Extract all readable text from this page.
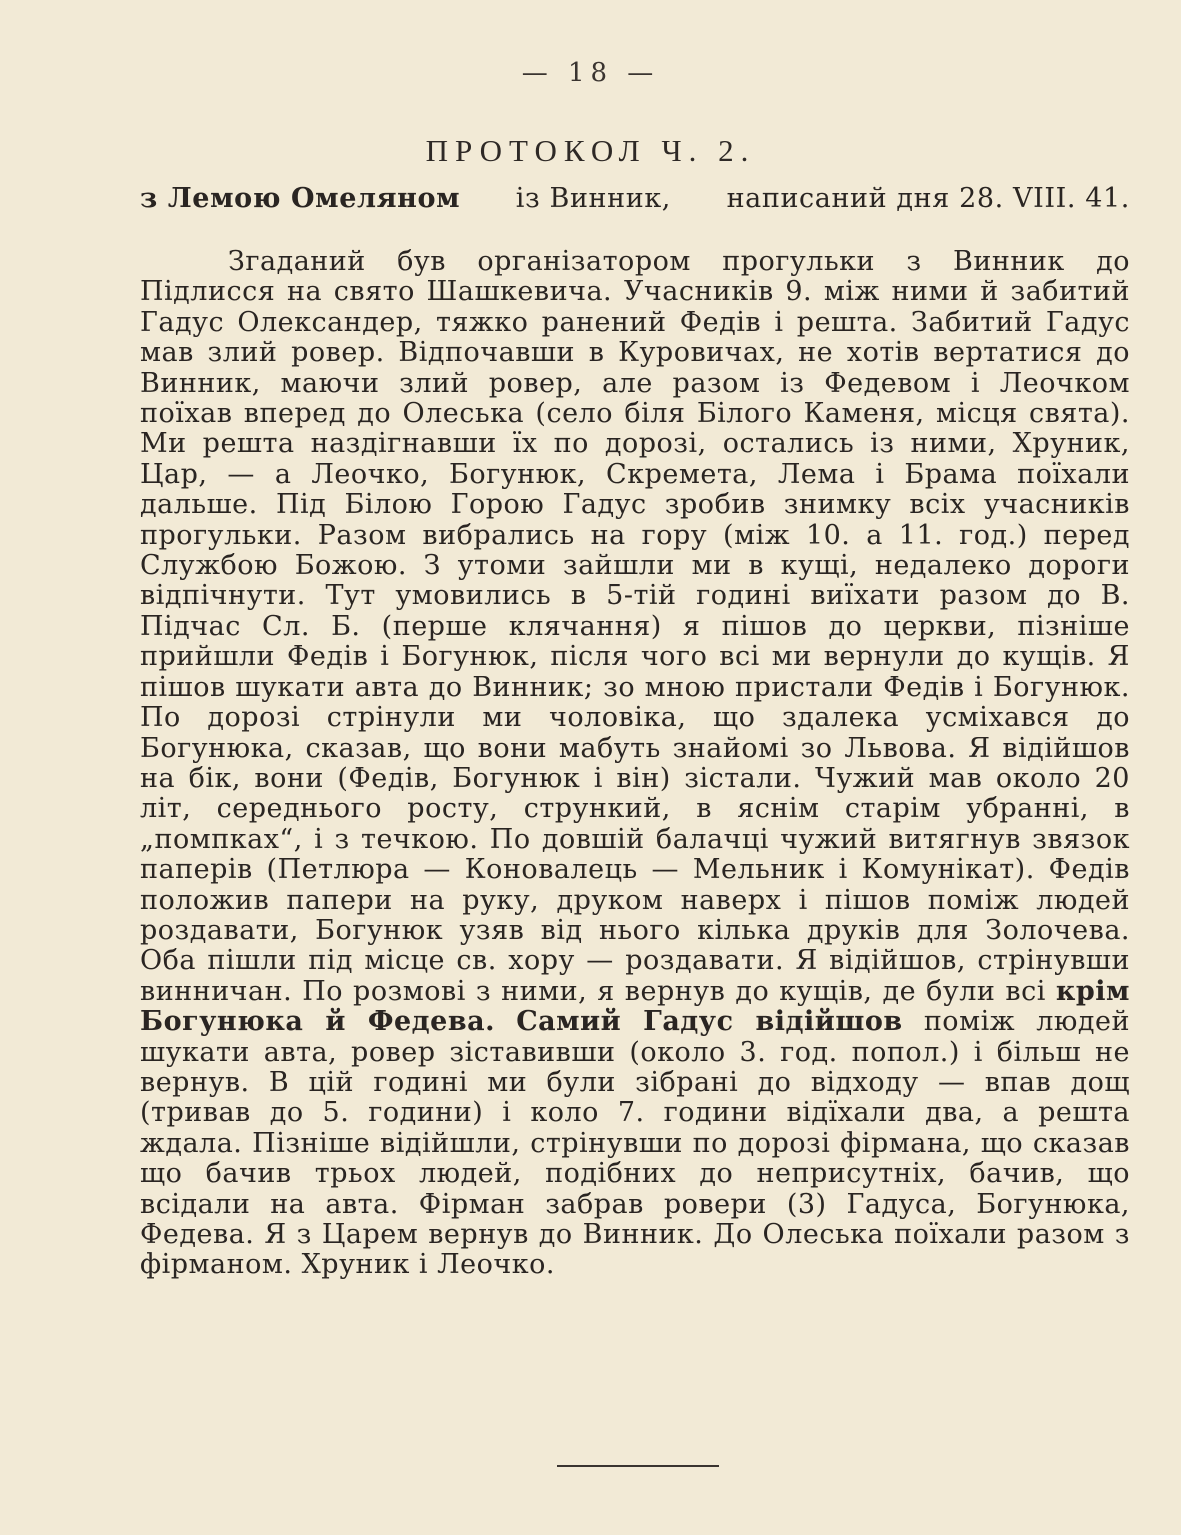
— 18 —
ПРОТОКОЛ Ч. 2.
з Лемою Омеляном із Винник, написаний дня 28. VIII. 41.

Згаданий був організатором прогульки з Винник до Підлисся на свято Шашкевича. Учасників 9. між ними й забитий Гадус Олександер, тяжко ранений Федів і решта. Забитий Гадус мав злий ровер. Відпочавши в Куровичах, не хотів вертатися до Винник, маючи злий ровер, але разом із Федевом і Леочком поїхав вперед до Олеська (село біля Білого Каменя, місця свята). Ми решта наздігнавши їх по дорозі, остались із ними, Хруник, Цар, — а Леочко, Богунюк, Скремета, Лема і Брама поїхали дальше. Під Білою Горою Гадус зробив знимку всіх учасників прогульки. Разом вибрались на гору (між 10. а 11. год.) перед Службою Божою. З утоми зайшли ми в кущі, недалеко дороги відпічнути. Тут умовились в 5-тій годині виїхати разом до В. Підчас Сл. Б. (перше клячання) я пішов до церкви, пізніше прийшли Федів і Богунюк, після чого всі ми вернули до кущів. Я пішов шукати авта до Винник; зо мною пристали Федів і Богунюк. По дорозі стрінули ми чоловіка, що здалека усміхався до Богунюка, сказав, що вони мабуть знайомі зо Львова. Я відійшов на бік, вони (Федів, Богунюк і він) зістали. Чужий мав около 20 літ, середнього росту, стрункий, в яснім старім убранні, в „помпках“, і з течкою. По довшій балачці чужий витягнув звязок паперів (Петлюра — Коновалець — Мельник і Комунікат). Федів положив папери на руку, друком наверх і пішов поміж людей роздавати, Богунюк узяв від нього кілька друків для Золочева. Оба пішли під місце св. хору — роздавати. Я відійшов, стрінувши винничан. По розмові з ними, я вернув до кущів, де були всі крім Богунюка й Федева. Самий Гадус відійшов поміж людей шукати авта, ровер зіставивши (около 3. год. попол.) і більш не вернув. В цій годині ми були зібрані до відходу — впав дощ (тривав до 5. години) і коло 7. години відїхали два, а решта ждала. Пізніше відійшли, стрінувши по дорозі фірмана, що сказав що бачив трьох людей, подібних до неприсутніх, бачив, що всідали на авта. Фірман забрав ровери (3) Гадуса, Богунюка, Федева. Я з Царем вернув до Винник. До Олеська поїхали разом з фірманом. Хруник і Леочко.
